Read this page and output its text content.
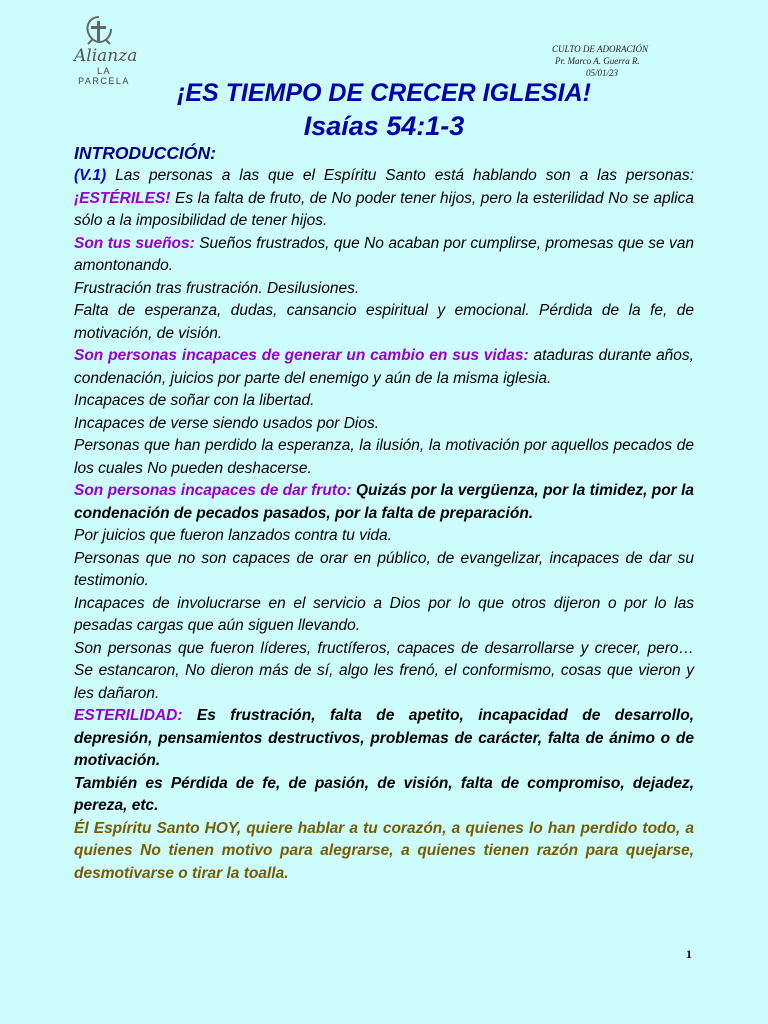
Alianza
LA PARCELA
CULTO DE ADORACIÓN
Pr. Marco A. Guerra R.
05/01/23
¡ES TIEMPO DE CRECER IGLESIA!
Isaías 54:1-3
INTRODUCCIÓN:

(V.1) Las personas a las que el Espíritu Santo está hablando son a las personas: ¡ESTÉRILES! Es la falta de fruto, de No poder tener hijos, pero la esterilidad No se aplica sólo a la imposibilidad de tener hijos.

Son tus sueños: Sueños frustrados, que No acaban por cumplirse, promesas que se van amontonando.

Frustración tras frustración. Desilusiones.

Falta de esperanza, dudas, cansancio espiritual y emocional. Pérdida de la fe, de motivación, de visión.

Son personas incapaces de generar un cambio en sus vidas: ataduras durante años, condenación, juicios por parte del enemigo y aún de la misma iglesia.

Incapaces de soñar con la libertad.

Incapaces de verse siendo usados por Dios.

Personas que han perdido la esperanza, la ilusión, la motivación por aquellos pecados de los cuales No pueden deshacerse.

Son personas incapaces de dar fruto: Quizás por la vergüenza, por la timidez, por la condenación de pecados pasados, por la falta de preparación.

Por juicios que fueron lanzados contra tu vida.

Personas que no son capaces de orar en público, de evangelizar, incapaces de dar su testimonio.

Incapaces de involucrarse en el servicio a Dios por lo que otros dijeron o por lo las pesadas cargas que aún siguen llevando.

Son personas que fueron líderes, fructíferos, capaces de desarrollarse y crecer, pero… Se estancaron, No dieron más de sí, algo les frenó, el conformismo, cosas que vieron y les dañaron.

ESTERILIDAD: Es frustración, falta de apetito, incapacidad de desarrollo, depresión, pensamientos destructivos, problemas de carácter, falta de ánimo o de motivación.

También es Pérdida de fe, de pasión, de visión, falta de compromiso, dejadez, pereza, etc.

Él Espíritu Santo HOY, quiere hablar a tu corazón, a quienes lo han perdido todo, a quienes No tienen motivo para alegrarse, a quienes tienen razón para quejarse, desmotivarse o tirar la toalla.

1
